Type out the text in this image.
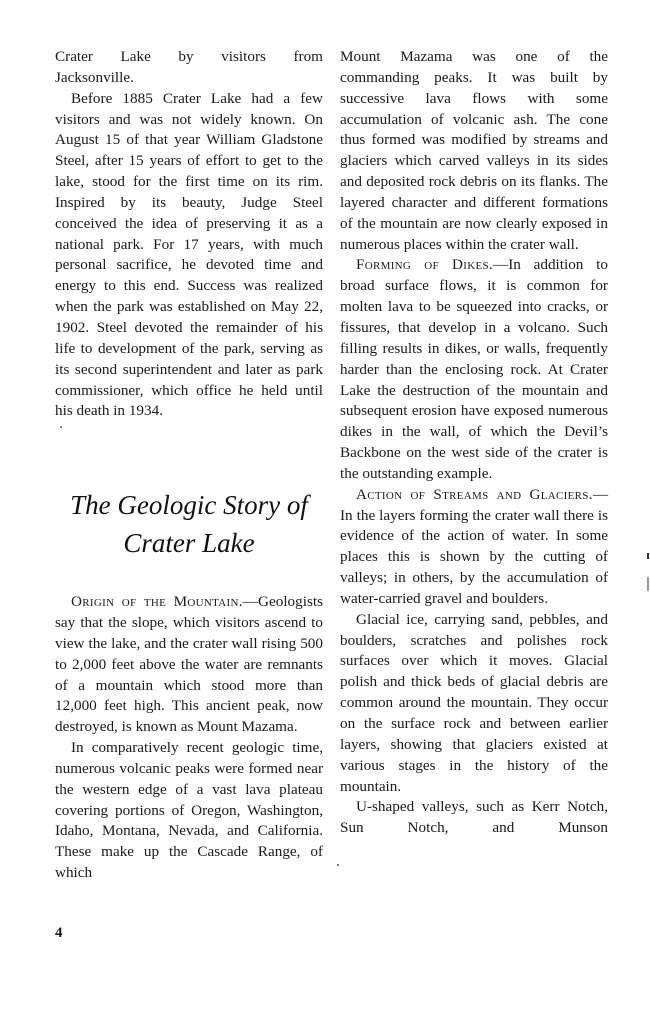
Crater Lake by visitors from Jacksonville.

Before 1885 Crater Lake had a few visitors and was not widely known. On August 15 of that year William Gladstone Steel, after 15 years of effort to get to the lake, stood for the first time on its rim. Inspired by its beauty, Judge Steel conceived the idea of preserving it as a national park. For 17 years, with much personal sacrifice, he devoted time and energy to this end. Success was realized when the park was established on May 22, 1902. Steel devoted the remainder of his life to development of the park, serving as its second superintendent and later as park commissioner, which office he held until his death in 1934.

The Geologic Story of
Crater Lake

Origin of the Mountain.—Geologists say that the slope, which visitors ascend to view the lake, and the crater wall rising 500 to 2,000 feet above the water are remnants of a mountain which stood more than 12,000 feet high. This ancient peak, now destroyed, is known as Mount Mazama.

In comparatively recent geologic time, numerous volcanic peaks were formed near the western edge of a vast lava plateau covering portions of Oregon, Washington, Idaho, Montana, Nevada, and California. These make up the Cascade Range, of which

Mount Mazama was one of the commanding peaks. It was built by successive lava flows with some accumulation of volcanic ash. The cone thus formed was modified by streams and glaciers which carved valleys in its sides and deposited rock debris on its flanks. The layered character and different formations of the mountain are now clearly exposed in numerous places within the crater wall.

Forming of Dikes.—In addition to broad surface flows, it is common for molten lava to be squeezed into cracks, or fissures, that develop in a volcano. Such filling results in dikes, or walls, frequently harder than the enclosing rock. At Crater Lake the destruction of the mountain and subsequent erosion have exposed numerous dikes in the wall, of which the Devil’s Backbone on the west side of the crater is the outstanding example.

Action of Streams and Glaciers.— In the layers forming the crater wall there is evidence of the action of water. In some places this is shown by the cutting of valleys; in others, by the accumulation of water-carried gravel and boulders.

Glacial ice, carrying sand, pebbles, and boulders, scratches and polishes rock surfaces over which it moves. Glacial polish and thick beds of glacial debris are common around the mountain. They occur on the surface rock and between earlier layers, showing that glaciers existed at various stages in the history of the mountain.

U-shaped valleys, such as Kerr Notch, Sun Notch, and Munson

4
